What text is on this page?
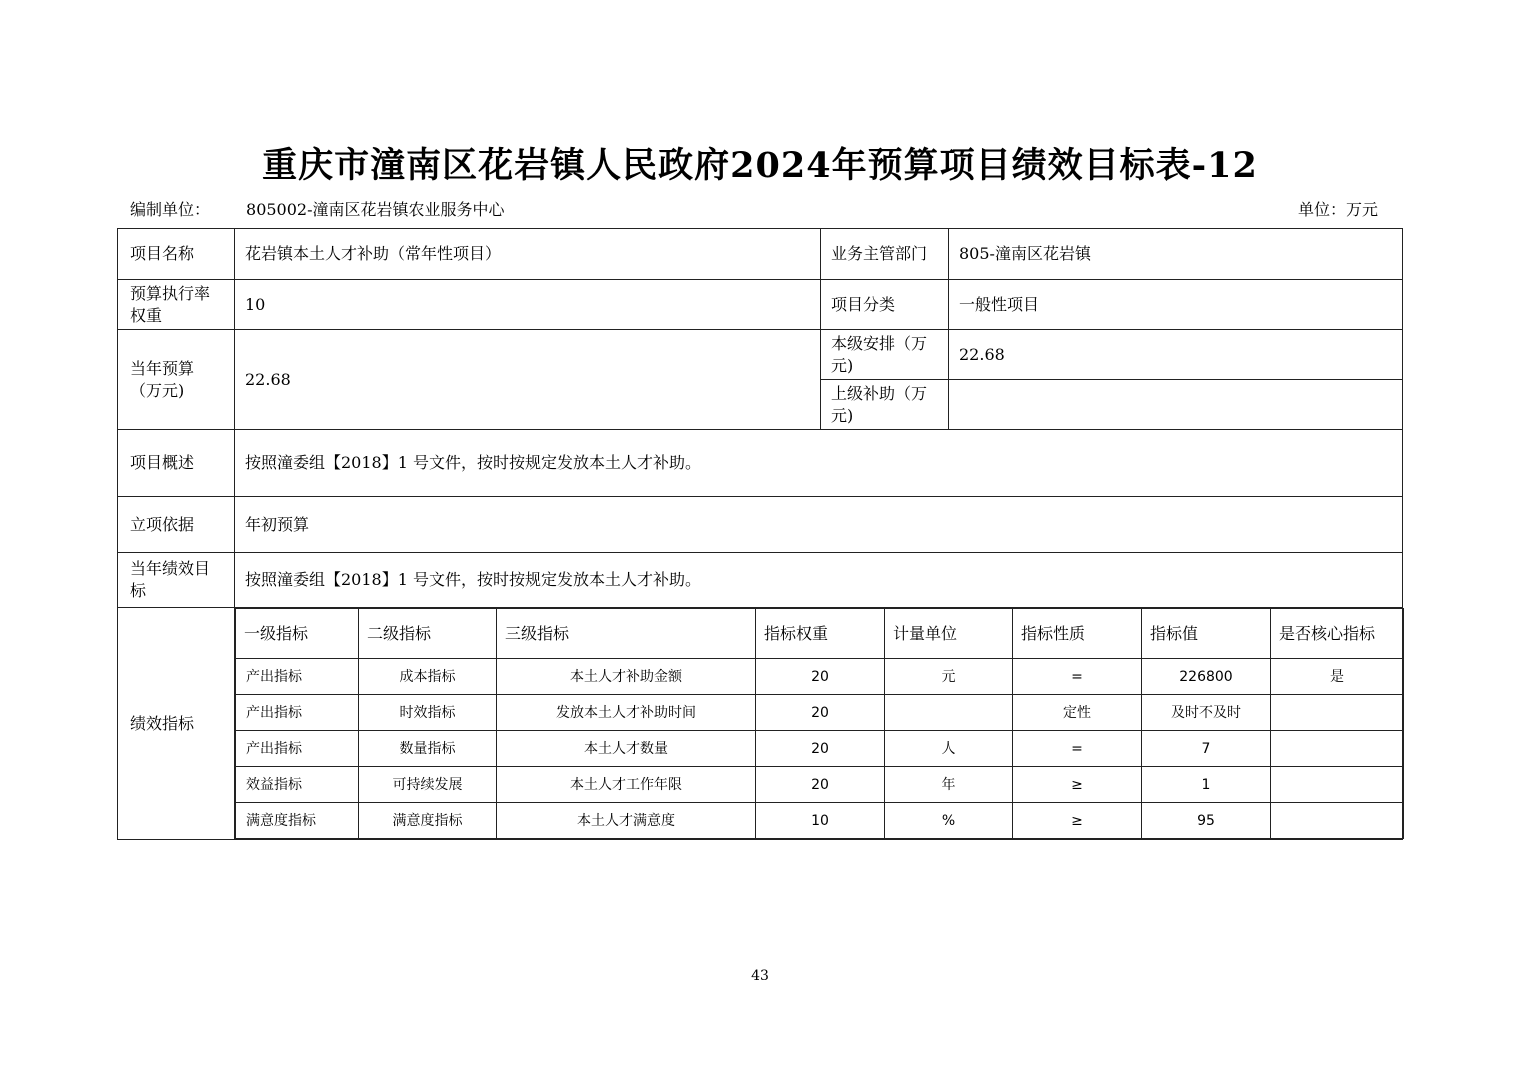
重庆市潼南区花岩镇人民政府2024年预算项目绩效目标表-12
编制单位： 805002-潼南区花岩镇农业服务中心	单位：万元
项目名称	花岩镇本土人才补助（常年性项目）	业务主管部门	805-潼南区花岩镇
预算执行率权重	10	项目分类	一般性项目
当年预算（万元)	22.68	本级安排（万元)	22.68
上级补助（万元)	
项目概述	按照潼委组【2018】1 号文件，按时按规定发放本土人才补助。
立项依据	年初预算
当年绩效目标	按照潼委组【2018】1 号文件，按时按规定发放本土人才补助。
绩效指标	
一级指标	二级指标	三级指标	指标权重	计量单位	指标性质	指标值	是否核心指标
产出指标	成本指标	本土人才补助金额	20	元	=	226800	是
产出指标	时效指标	发放本土人才补助时间	20		定性	及时不及时	
产出指标	数量指标	本土人才数量	20	人	=	7	
效益指标	可持续发展	本土人才工作年限	20	年	≥	1	
满意度指标	满意度指标	本土人才满意度	10	%	≥	95	
43
